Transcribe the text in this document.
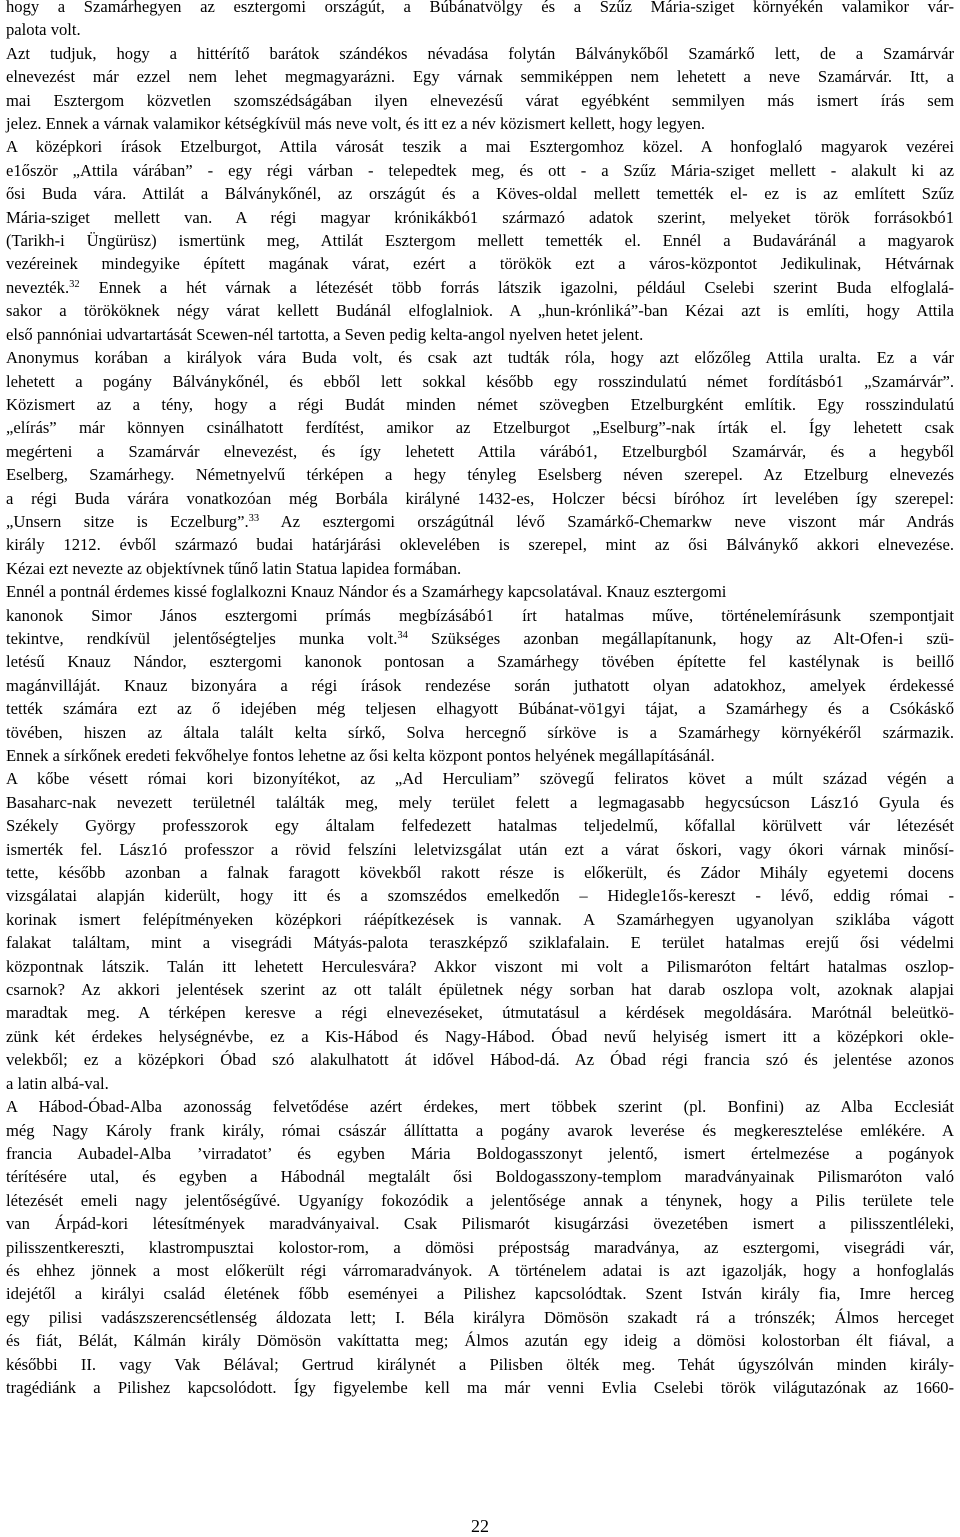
hogy a Szamárhegyen az esztergomi országút, a Búbánatvölgy és a Szűz Mária-sziget környékén valamikor vár-
palota volt.
Azt tudjuk, hogy a hittérítő barátok szándékos névadása folytán Bálványkőből Szamárkő lett, de a Szamárvár
elnevezést már ezzel nem lehet megmagyarázni. Egy várnak semmiképpen nem lehetett a neve Szamárvár. Itt, a
mai Esztergom közvetlen szomszédságában ilyen elnevezésű várat egyébként semmilyen más ismert írás sem
jelez. Ennek a várnak valamikor kétségkívül más neve volt, és itt ez a név közismert kellett, hogy legyen.
A középkori írások Etzelburgot, Attila városát teszik a mai Esztergomhoz közel. A honfoglaló magyarok vezérei
e1őször „Attila várában” - egy régi várban - telepedtek meg, és ott - a Szűz Mária-sziget mellett - alakult ki az
ősi Buda vára. Attilát a Bálványkőnél, az országút és a Köves-oldal mellett temették el- ez is az említett Szűz
Mária-sziget mellett van. A régi magyar krónikákbó1 származó adatok szerint, melyeket török forrásokbó1
(Tarikh-i Üngürüsz) ismertünk meg, Attilát Esztergom mellett temették el. Ennél a Budaváránál a magyarok
vezéreinek mindegyike épített magának várat, ezért a törökök ezt a város-központot Jedikulinak, Hétvárnak
nevezték.$^{32}$ Ennek a hét várnak a létezését több forrás látszik igazolni, például Cselebi szerint Buda elfoglalá-
sakor a törököknek négy várat kellett Budánál elfoglalniok. A „hun-krónliká”-ban Kézai azt is említi, hogy Attila
első pannóniai udvartartását Scewen-nél tartotta, a Seven pedig kelta-angol nyelven hetet jelent.
Anonymus korában a királyok vára Buda volt, és csak azt tudták róla, hogy azt előzőleg Attila uralta. Ez a vár
lehetett a pogány Bálványkőnél, és ebből lett sokkal később egy rosszindulatú német fordításbó1 „Szamárvár”.
Közismert az a tény, hogy a régi Budát minden német szövegben Etzelburgként említik. Egy rosszindulatú
„elírás” már könnyen csinálhatott ferdítést, amikor az Etzelburgot „Eselburg”-nak írták el. Így lehetett csak
megérteni a Szamárvár elnevezést, és így lehetett Attila várábó1, Etzelburgból Szamárvár, és a hegyből
Eselberg, Szamárhegy. Németnyelvű térképen a hegy tényleg Eselsberg néven szerepel. Az Etzelburg elnevezés
a régi Buda várára vonatkozóan még Borbála királyné 1432-es, Holczer bécsi bíróhoz írt levelében így szerepel:
„Unsern sitze is Eczelburg”.$^{33}$ Az esztergomi országútnál lévő Szamárkő-Chemarkw neve viszont már András
király 1212. évből származó budai határjárási oklevelében is szerepel, mint az ősi Bálványkő akkori elnevezése.
Kézai ezt nevezte az objektívnek tűnő latin Statua lapidea formában.
Ennél a pontnál érdemes kissé foglalkozni Knauz Nándor és a Szamárhegy kapcsolatával. Knauz esztergomi
kanonok Simor János esztergomi prímás megbízásábó1 írt hatalmas műve, történelemírásunk szempontjait
tekintve, rendkívül jelentőségteljes munka volt.$^{34}$ Szükséges azonban megállapítanunk, hogy az Alt-Ofen-i szü-
letésű Knauz Nándor, esztergomi kanonok pontosan a Szamárhegy tövében építette fel kastélynak is beillő
magánvilláját. Knauz bizonyára a régi írások rendezése során juthatott olyan adatokhoz, amelyek érdekessé
tették számára ezt az ő idejében még teljesen elhagyott Búbánat-vö1gyi tájat, a Szamárhegy és a Csókáskő
tövében, hiszen az általa talált kelta sírkő, Solva hercegnő sírköve is a Szamárhegy környékéről származik.
Ennek a sírkőnek eredeti fekvőhelye fontos lehetne az ősi kelta központ pontos helyének megállapításánál.
A kőbe vésett római kori bizonyítékot, az „Ad Herculiam” szövegű feliratos követ a múlt század végén a
Basaharc-nak nevezett területnél találták meg, mely terület felett a legmagasabb hegycsúcson Lász1ó Gyula és
Székely György professzorok egy általam felfedezett hatalmas teljedelmű, kőfallal körülvett vár létezését
ismerték fel. Lász1ó professzor a rövid felszíni leletvizsgálat után ezt a várat őskori, vagy ókori várnak minősí-
tette, később azonban a falnak faragott kövekből rakott része is előkerült, és Zádor Mihály egyetemi docens
vizsgálatai alapján kiderült, hogy itt és a szomszédos emelkedőn – Hidegle1ős-kereszt - lévő, eddig római -
korinak ismert felépítményeken középkori ráépítkezések is vannak. A Szamárhegyen ugyanolyan sziklába vágott
falakat találtam, mint a visegrádi Mátyás-palota teraszképző sziklafalain. E terület hatalmas erejű ősi védelmi
központnak látszik. Talán itt lehetett Herculesvára? Akkor viszont mi volt a Pilismaróton feltárt hatalmas oszlop-
csarnok? Az akkori jelentések szerint az ott talált épületnek négy sorban hat darab oszlopa volt, azoknak alapjai
maradtak meg. A térképen keresve a régi elnevezéseket, útmutatásul a kérdések megoldására. Marótnál beleütkö-
zünk két érdekes helységnévbe, ez a Kis-Hábod és Nagy-Hábod. Óbad nevű helyiség ismert itt a középkori okle-
velekből; ez a középkori Óbad szó alakulhatott át idővel Hábod-dá. Az Óbad régi francia szó és jelentése azonos
a latin albá-val.
A Hábod-Óbad-Alba azonosság felvetődése azért érdekes, mert többek szerint (pl. Bonfini) az Alba Ecclesiát
még Nagy Károly frank király, római császár állíttatta a pogány avarok leverése és megkeresztelése emlékére. A
francia Aubadel-Alba ’virradatot’ és egyben Mária Boldogasszonyt jelentő, ismert értelmezése a pogányok
térítésére utal, és egyben a Hábodnál megtalált ősi Boldogasszony-templom maradványainak Pilismaróton való
létezését emeli nagy jelentőségűvé. Ugyanígy fokozódik a jelentősége annak a ténynek, hogy a Pilis területe tele
van Árpád-kori létesítmények maradványaival. Csak Pilismarót kisugárzási övezetében ismert a pilisszentléleki,
pilisszentkereszti, klastrompusztai kolostor-rom, a dömösi prépostság maradványa, az esztergomi, visegrádi vár,
és ehhez jönnek a most előkerült régi várromaradványok. A történelem adatai is azt igazolják, hogy a honfoglalás
idejétől a királyi család életének főbb eseményei a Pilishez kapcsolódtak. Szent István király fia, Imre herceg
egy pilisi vadászszerencsétlenség áldozata lett; I. Béla királyra Dömösön szakadt rá a trónszék; Álmos herceget
és fiát, Bélát, Kálmán király Dömösön vakíttatta meg; Álmos azután egy ideig a dömösi kolostorban élt fiával, a
későbbi II. vagy Vak Bélával; Gertrud királynét a Pilisben ölték meg. Tehát úgyszólván minden király-
tragédiánk a Pilishez kapcsolódott. Így figyelembe kell ma már venni Evlia Cselebi török világutazónak az 1660-
22
